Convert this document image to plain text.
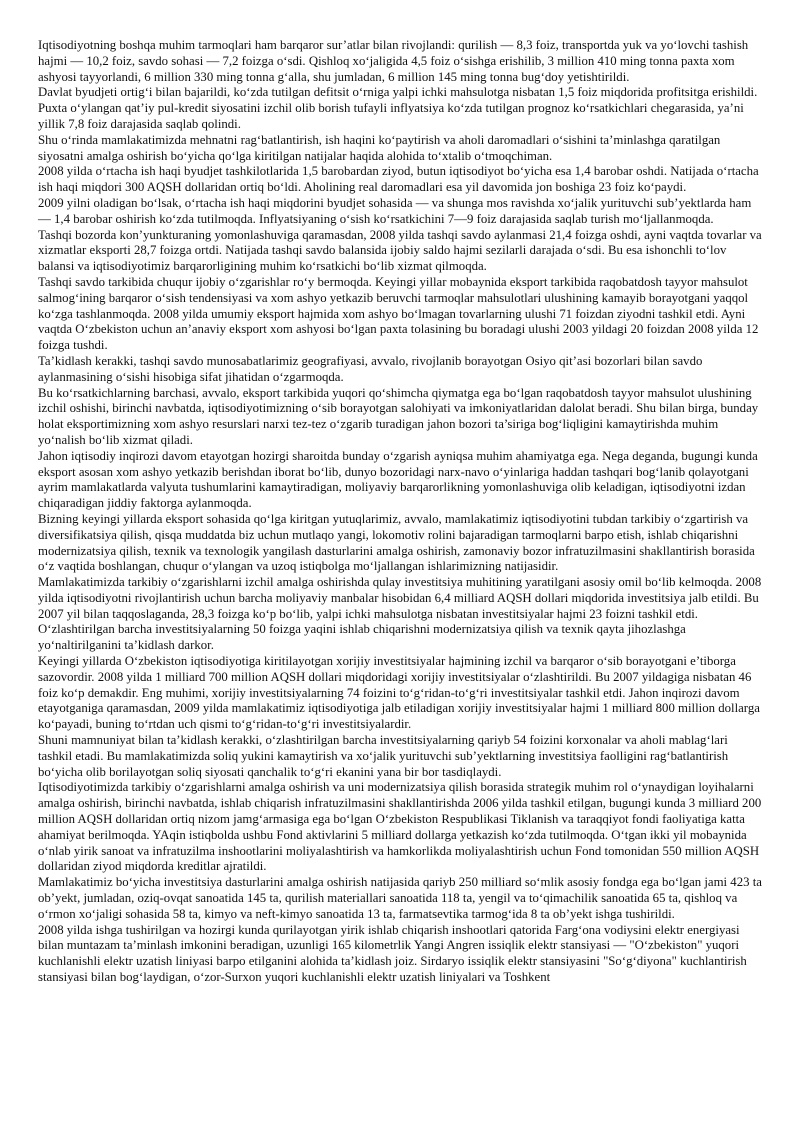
Iqtisodiyotning boshqa muhim tarmoqlari ham barqaror sur’atlar bilan rivojlandi: qurilish — 8,3 foiz, transportda yuk va yo‘lovchi tashish hajmi — 10,2 foiz, savdo sohasi — 7,2 foizga o‘sdi. Qishloq xo‘jaligida 4,5 foiz o‘sishga erishilib, 3 million 410 ming tonna paxta xom ashyosi tayyorlandi, 6 million 330 ming tonna g‘alla, shu jumladan, 6 million 145 ming tonna bug‘doy yetishtirildi.

Davlat byudjeti ortig‘i bilan bajarildi, ko‘zda tutilgan defitsit o‘rniga yalpi ichki mahsulotga nisbatan 1,5 foiz miqdorida profitsitga erishildi.

Puxta o‘ylangan qat’iy pul-kredit siyosatini izchil olib borish tufayli inflyatsiya ko‘zda tutilgan prognoz ko‘rsatkichlari chegarasida, ya’ni yillik 7,8 foiz darajasida saqlab qolindi.

Shu o‘rinda mamlakatimizda mehnatni rag‘batlantirish, ish haqini ko‘paytirish va aholi daromadlari o‘sishini ta’minlashga qaratilgan siyosatni amalga oshirish bo‘yicha qo‘lga kiritilgan natijalar haqida alohida to‘xtalib o‘tmoqchiman.

2008 yilda o‘rtacha ish haqi byudjet tashkilotlarida 1,5 barobardan ziyod, butun iqtisodiyot bo‘yicha esa 1,4 barobar oshdi. Natijada o‘rtacha ish haqi miqdori 300 AQSH dollaridan ortiq bo‘ldi. Aholining real daromadlari esa yil davomida jon boshiga 23 foiz ko‘paydi.

2009 yilni oladigan bo‘lsak, o‘rtacha ish haqi miqdorini byudjet sohasida — va shunga mos ravishda xo‘jalik yurituvchi sub’yektlarda ham — 1,4 barobar oshirish ko‘zda tutilmoqda. Inflyatsiyaning o‘sish ko‘rsatkichini 7—9 foiz darajasida saqlab turish mo‘ljallanmoqda.

Tashqi bozorda kon’yunkturaning yomonlashuviga qaramasdan, 2008 yilda tashqi savdo aylanmasi 21,4 foizga oshdi, ayni vaqtda tovarlar va xizmatlar eksporti 28,7 foizga ortdi. Natijada tashqi savdo balansida ijobiy saldo hajmi sezilarli darajada o‘sdi. Bu esa ishonchli to‘lov balansi va iqtisodiyotimiz barqarorligining muhim ko‘rsatkichi bo‘lib xizmat qilmoqda.

Tashqi savdo tarkibida chuqur ijobiy o‘zgarishlar ro‘y bermoqda. Keyingi yillar mobaynida eksport tarkibida raqobatdosh tayyor mahsulot salmog‘ining barqaror o‘sish tendensiyasi va xom ashyo yetkazib beruvchi tarmoqlar mahsulotlari ulushining kamayib borayotgani yaqqol ko‘zga tashlanmoqda. 2008 yilda umumiy eksport hajmida xom ashyo bo‘lmagan tovarlarning ulushi 71 foizdan ziyodni tashkil etdi. Ayni vaqtda O‘zbekiston uchun an’anaviy eksport xom ashyosi bo‘lgan paxta tolasining bu boradagi ulushi 2003 yildagi 20 foizdan 2008 yilda 12 foizga tushdi.

Ta’kidlash kerakki, tashqi savdo munosabatlarimiz geografiyasi, avvalo, rivojlanib borayotgan Osiyo qit’asi bozorlari bilan savdo aylanmasining o‘sishi hisobiga sifat jihatidan o‘zgarmoqda.

Bu ko‘rsatkichlarning barchasi, avvalo, eksport tarkibida yuqori qo‘shimcha qiymatga ega bo‘lgan raqobatdosh tayyor mahsulot ulushining izchil oshishi, birinchi navbatda, iqtisodiyotimizning o‘sib borayotgan salohiyati va imkoniyatlaridan dalolat beradi. Shu bilan birga, bunday holat eksportimizning xom ashyo resurslari narxi tez-tez o‘zgarib turadigan jahon bozori ta’siriga bog‘liqligini kamaytirishda muhim yo‘nalish bo‘lib xizmat qiladi.

Jahon iqtisodiy inqirozi davom etayotgan hozirgi sharoitda bunday o‘zgarish ayniqsa muhim ahamiyatga ega. Nega deganda, bugungi kunda eksport asosan xom ashyo yetkazib berishdan iborat bo‘lib, dunyo bozoridagi narx-navo o‘yinlariga haddan tashqari bog‘lanib qolayotgani ayrim mamlakatlarda valyuta tushumlarini kamaytiradigan, moliyaviy barqarorlikning yomonlashuviga olib keladigan, iqtisodiyotni izdan chiqaradigan jiddiy faktorga aylanmoqda.

Bizning keyingi yillarda eksport sohasida qo‘lga kiritgan yutuqlarimiz, avvalo, mamlakatimiz iqtisodiyotini tubdan tarkibiy o‘zgartirish va diversifikatsiya qilish, qisqa muddatda biz uchun mutlaqo yangi, lokomotiv rolini bajaradigan tarmoqlarni barpo etish, ishlab chiqarishni modernizatsiya qilish, texnik va texnologik yangilash dasturlarini amalga oshirish, zamonaviy bozor infratuzilmasini shakllantirish borasida o‘z vaqtida boshlangan, chuqur o‘ylangan va uzoq istiqbolga mo‘ljallangan ishlarimizning natijasidir.

Mamlakatimizda tarkibiy o‘zgarishlarni izchil amalga oshirishda qulay investitsiya muhitining yaratilgani asosiy omil bo‘lib kelmoqda. 2008 yilda iqtisodiyotni rivojlantirish uchun barcha moliyaviy manbalar hisobidan 6,4 milliard AQSH dollari miqdorida investitsiya jalb etildi. Bu 2007 yil bilan taqqoslaganda, 28,3 foizga ko‘p bo‘lib, yalpi ichki mahsulotga nisbatan investitsiyalar hajmi 23 foizni tashkil etdi.

O‘zlashtirilgan barcha investitsiyalarning 50 foizga yaqini ishlab chiqarishni modernizatsiya qilish va texnik qayta jihozlashga yo‘naltirilganini ta’kidlash darkor.

Keyingi yillarda O‘zbekiston iqtisodiyotiga kiritilayotgan xorijiy investitsiyalar hajmining izchil va barqaror o‘sib borayotgani e’tiborga sazovordir. 2008 yilda 1 milliard 700 million AQSH dollari miqdoridagi xorijiy investitsiyalar o‘zlashtirildi. Bu 2007 yildagiga nisbatan 46 foiz ko‘p demakdir. Eng muhimi, xorijiy investitsiyalarning 74 foizini to‘g‘ridan-to‘g‘ri investitsiyalar tashkil etdi. Jahon inqirozi davom etayotganiga qaramasdan, 2009 yilda mamlakatimiz iqtisodiyotiga jalb etiladigan xorijiy investitsiyalar hajmi 1 milliard 800 million dollarga ko‘payadi, buning to‘rtdan uch qismi to‘g‘ridan-to‘g‘ri investitsiyalardir.

Shuni mamnuniyat bilan ta’kidlash kerakki, o‘zlashtirilgan barcha investitsiyalarning qariyb 54 foizini korxonalar va aholi mablag‘lari tashkil etadi. Bu mamlakatimizda soliq yukini kamaytirish va xo‘jalik yurituvchi sub’yektlarning investitsiya faolligini rag‘batlantirish bo‘yicha olib borilayotgan soliq siyosati qanchalik to‘g‘ri ekanini yana bir bor tasdiqlaydi.

Iqtisodiyotimizda tarkibiy o‘zgarishlarni amalga oshirish va uni modernizatsiya qilish borasida strategik muhim rol o‘ynaydigan loyihalarni amalga oshirish, birinchi navbatda, ishlab chiqarish infratuzilmasini shakllantirishda 2006 yilda tashkil etilgan, bugungi kunda 3 milliard 200 million AQSH dollaridan ortiq nizom jamg‘armasiga ega bo‘lgan O‘zbekiston Respublikasi Tiklanish va taraqqiyot fondi faoliyatiga katta ahamiyat berilmoqda. YAqin istiqbolda ushbu Fond aktivlarini 5 milliard dollarga yetkazish ko‘zda tutilmoqda. O‘tgan ikki yil mobaynida o‘nlab yirik sanoat va infratuzilma inshootlarini moliyalashtirish va hamkorlikda moliyalashtirish uchun Fond tomonidan 550 million AQSH dollaridan ziyod miqdorda kreditlar ajratildi.

Mamlakatimiz bo‘yicha investitsiya dasturlarini amalga oshirish natijasida qariyb 250 milliard so‘mlik asosiy fondga ega bo‘lgan jami 423 ta ob’yekt, jumladan, oziq-ovqat sanoatida 145 ta, qurilish materiallari sanoatida 118 ta, yengil va to‘qimachilik sanoatida 65 ta, qishloq va o‘rmon xo‘jaligi sohasida 58 ta, kimyo va neft-kimyo sanoatida 13 ta, farmatsevtika tarmog‘ida 8 ta ob’yekt ishga tushirildi.

2008 yilda ishga tushirilgan va hozirgi kunda qurilayotgan yirik ishlab chiqarish inshootlari qatorida Farg‘ona vodiysini elektr energiyasi bilan muntazam ta’minlash imkonini beradigan, uzunligi 165 kilometrlik Yangi Angren issiqlik elektr stansiyasi — "O‘zbekiston" yuqori kuchlanishli elektr uzatish liniyasi barpo etilganini alohida ta’kidlash joiz. Sirdaryo issiqlik elektr stansiyasini "So‘g‘diyona" kuchlantirish stansiyasi bilan bog‘laydigan, o‘zor-Surxon yuqori kuchlanishli elektr uzatish liniyalari va Toshkent
